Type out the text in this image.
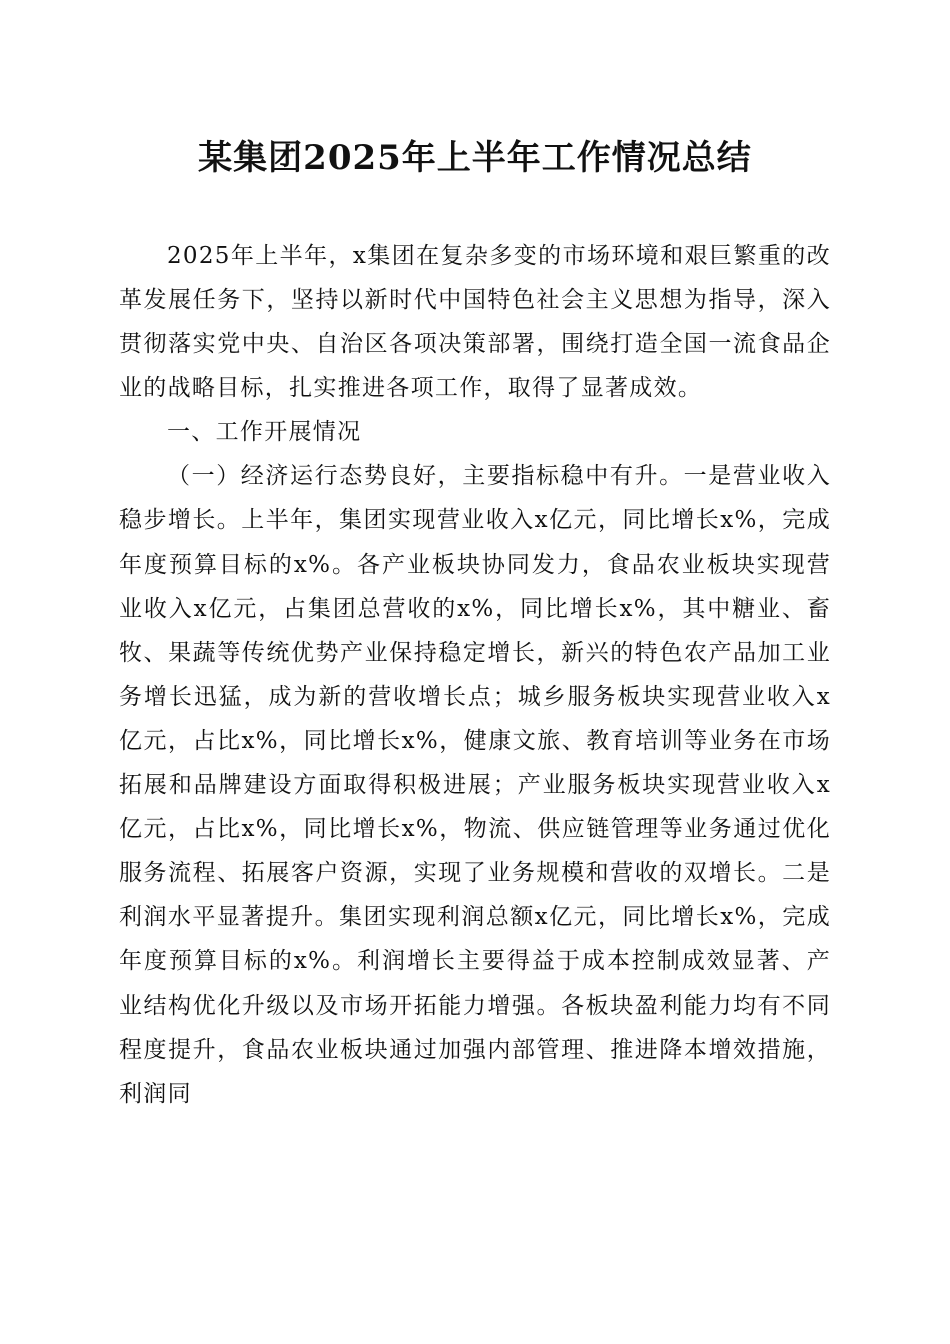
某集团2025年上半年工作情况总结

2025年上半年，x集团在复杂多变的市场环境和艰巨繁重的改革发展任务下，坚持以新时代中国特色社会主义思想为指导，深入贯彻落实党中央、自治区各项决策部署，围绕打造全国一流食品企业的战略目标，扎实推进各项工作，取得了显著成效。

一、工作开展情况

（一）经济运行态势良好，主要指标稳中有升。一是营业收入稳步增长。上半年，集团实现营业收入x亿元，同比增长x%，完成年度预算目标的x%。各产业板块协同发力，食品农业板块实现营业收入x亿元，占集团总营收的x%，同比增长x%，其中糖业、畜牧、果蔬等传统优势产业保持稳定增长，新兴的特色农产品加工业务增长迅猛，成为新的营收增长点；城乡服务板块实现营业收入x亿元，占比x%，同比增长x%，健康文旅、教育培训等业务在市场拓展和品牌建设方面取得积极进展；产业服务板块实现营业收入x亿元，占比x%，同比增长x%，物流、供应链管理等业务通过优化服务流程、拓展客户资源，实现了业务规模和营收的双增长。二是利润水平显著提升。集团实现利润总额x亿元，同比增长x%，完成年度预算目标的x%。利润增长主要得益于成本控制成效显著、产业结构优化升级以及市场开拓能力增强。各板块盈利能力均有不同程度提升，食品农业板块通过加强内部管理、推进降本增效措施，利润同
